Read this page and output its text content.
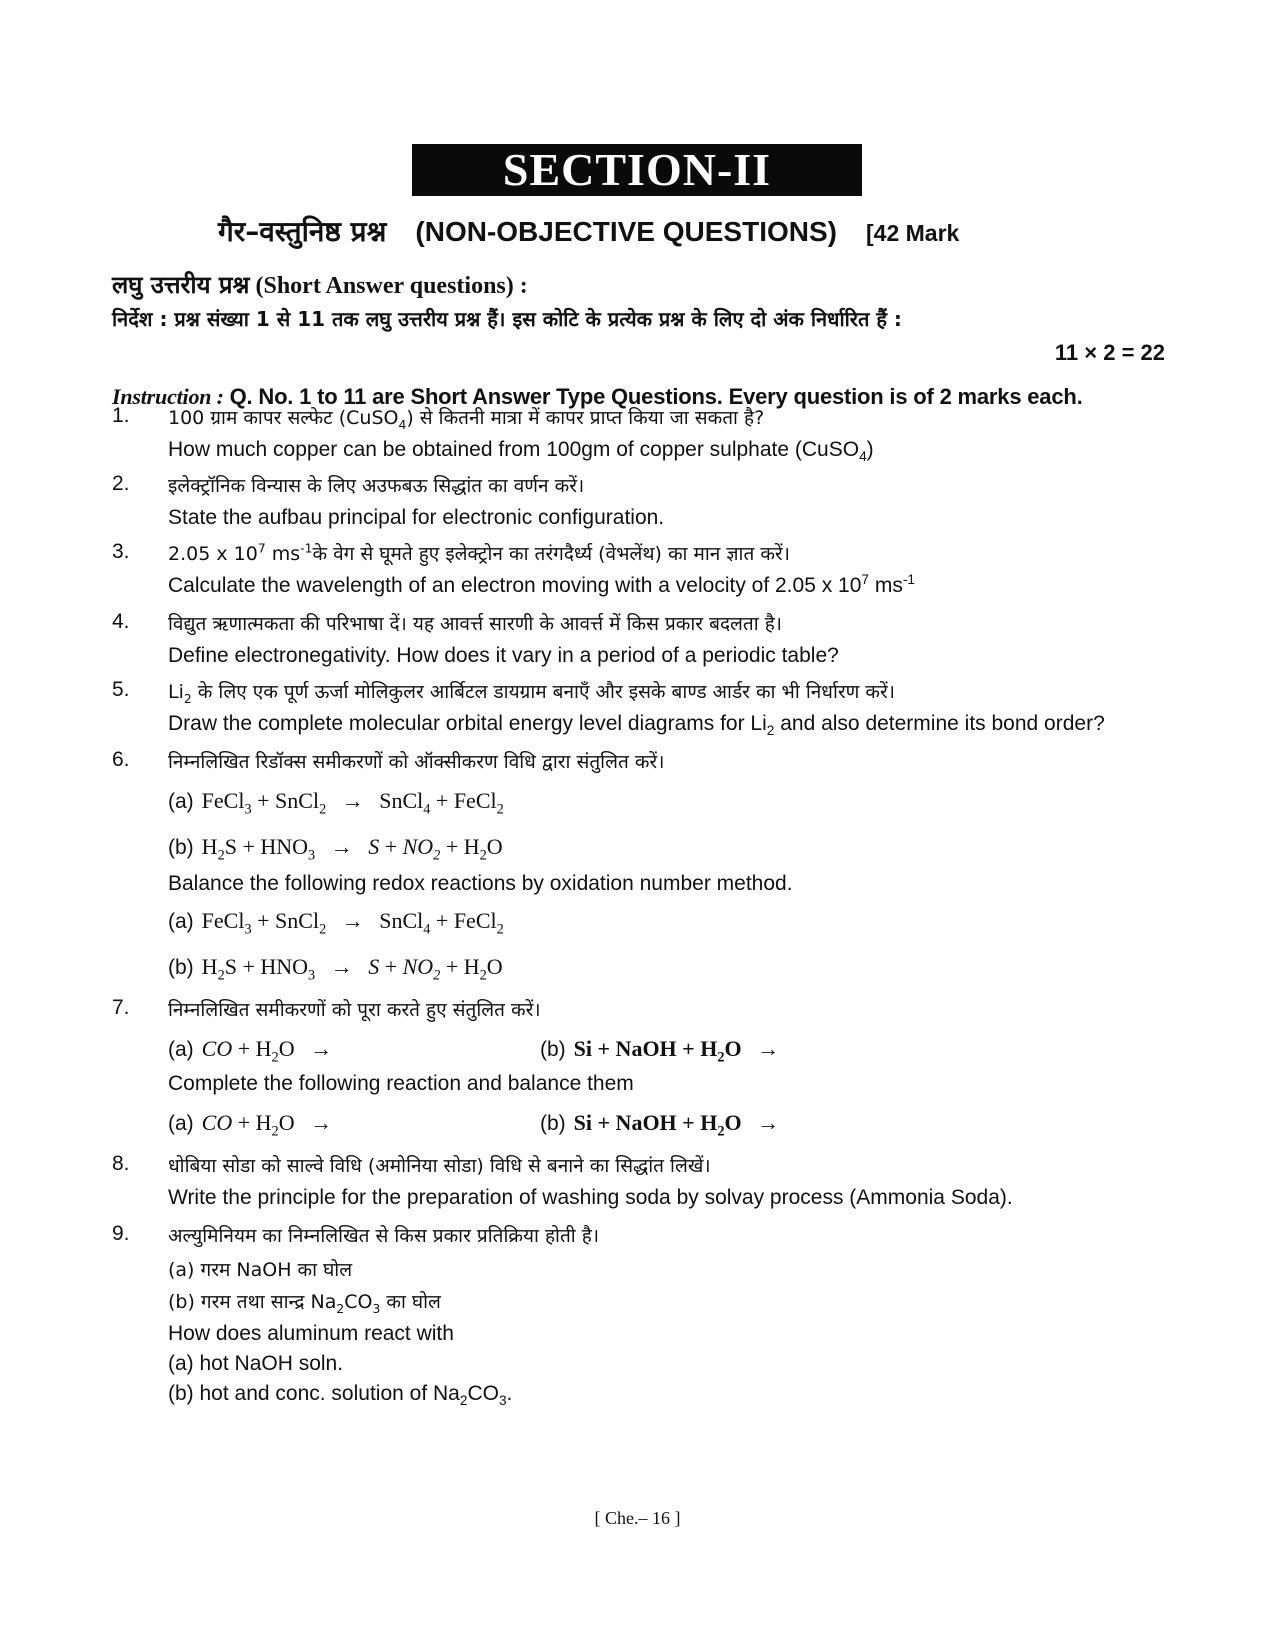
SECTION-II
गैर–वस्तुनिष्ठ प्रश्न (NON-OBJECTIVE QUESTIONS) [42 Mark
लघु उत्तरीय प्रश्न (Short Answer questions) :
निर्देश : प्रश्न संख्या 1 से 11 तक लघु उत्तरीय प्रश्न हैं। इस कोटि के प्रत्येक प्रश्न के लिए दो अंक निर्धारित हैं :
11 × 2 = 22
Instruction : Q. No. 1 to 11 are Short Answer Type Questions. Every question is of 2 marks each.
1.	100 ग्राम कापर सल्फेट (CuSO$_4$) से कितनी मात्रा में कापर प्राप्त किया जा सकता है?
How much copper can be obtained from 100gm of copper sulphate (CuSO$_4$)
2.	इलेक्ट्रॉनिक विन्यास के लिए अउफबऊ सिद्धांत का वर्णन करें।
State the aufbau principal for electronic configuration.
3.	2.05 x $10^7$ $ms^{-1}के$ वेग से घूमते हुए इलेक्ट्रोन का तरंगदैर्ध्य (वेभलेंथ) का मान ज्ञात करें।
Calculate the wavelength of an electron moving with a velocity of 2.05 x $10^7$ $ms^{-1}$
4.	विद्युत ऋणात्मकता की परिभाषा दें। यह आवर्त्त सारणी के आवर्त्त में किस प्रकार बदलता है।
Define electronegativity. How does it vary in a period of a periodic table?
5.	$Li_2$ के लिए एक पूर्ण ऊर्जा मोलिकुलर आर्बिटल डायग्राम बनाएँ और इसके बाण्ड आर्डर का भी निर्धारण करें।
Draw the complete molecular orbital energy level diagrams for $Li_2$ and also determine its bond order?
6.	निम्नलिखित रिडॉक्स समीकरणों को ऑक्सीकरण विधि द्वारा संतुलित करें।
(a) FeCl$_3$ + SnCl$_2$ → SnCl$_4$ + FeCl$_2$
(b) $H_2S + HNO_3 \to S + NO_2 + H_2O$
Balance the following redox reactions by oxidation number method.
(a) FeCl$_3$ + SnCl$_2$ → SnCl$_4$ + FeCl$_2$
(b) $H_2S + HNO_3 \to S + NO_2 + H_2O$
7.	निम्नलिखित समीकरणों को पूरा करते हुए संतुलित करें।
(a) CO + $H_2O$ →	(b) Si + NaOH + $H_2O$ →
Complete the following reaction and balance them
(a) CO + $H_2O$ →	(b) Si + NaOH + $H_2O$ →
8.	धोबिया सोडा को साल्वे विधि (अमोनिया सोडा) विधि से बनाने का सिद्धांत लिखें।
Write the principle for the preparation of washing soda by solvay process (Ammonia Soda).
9.	अल्युमिनियम का निम्नलिखित से किस प्रकार प्रतिक्रिया होती है।
(a) गरम NaOH का घोल
(b) गरम तथा सान्द्र $Na_2CO_3$ का घोल
How does aluminum react with
(a) hot NaOH soln.
(b) hot and conc. solution of $Na_2CO_3$.
[ Che.– 16 ]
